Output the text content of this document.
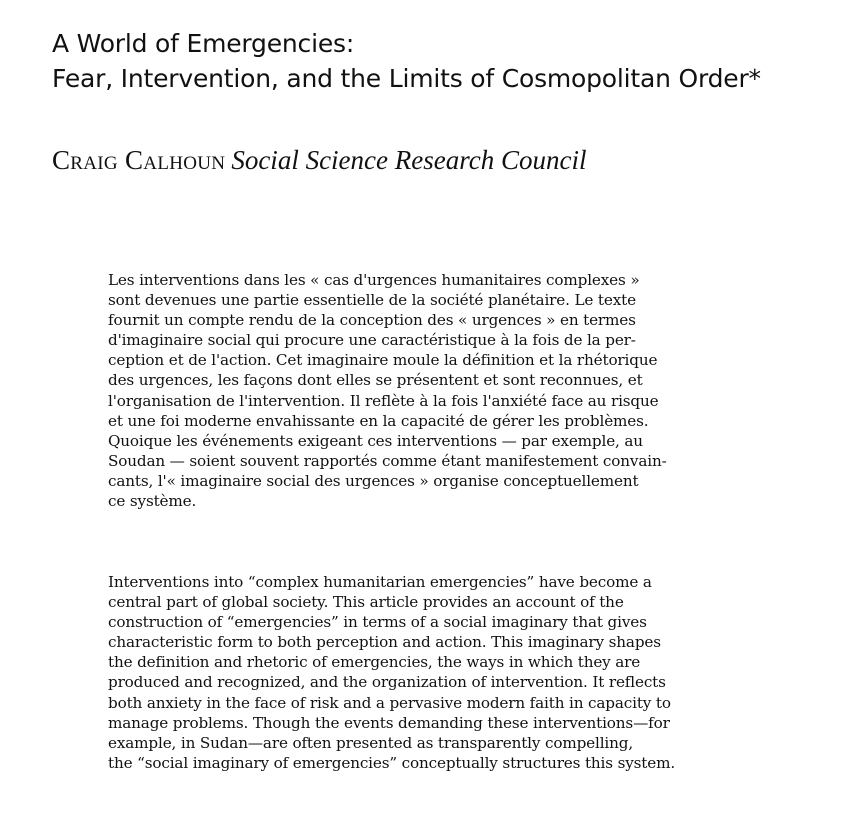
A World of Emergencies:
Fear, Intervention, and the Limits of Cosmopolitan Order*

Craig Calhoun Social Science Research Council

Les interventions dans les « cas d'urgences humanitaires complexes »
sont devenues une partie essentielle de la société planétaire. Le texte
fournit un compte rendu de la conception des « urgences » en termes
d'imaginaire social qui procure une caractéristique à la fois de la per-
ception et de l'action. Cet imaginaire moule la définition et la rhétorique
des urgences, les façons dont elles se présentent et sont reconnues, et
l'organisation de l'intervention. Il reflète à la fois l'anxiété face au risque
et une foi moderne envahissante en la capacité de gérer les problèmes.
Quoique les événements exigeant ces interventions — par exemple, au
Soudan — soient souvent rapportés comme étant manifestement convain-
cants, l'« imaginaire social des urgences » organise conceptuellement
ce système.
Interventions into “complex humanitarian emergencies” have become a
central part of global society. This article provides an account of the
construction of “emergencies” in terms of a social imaginary that gives
characteristic form to both perception and action. This imaginary shapes
the definition and rhetoric of emergencies, the ways in which they are
produced and recognized, and the organization of intervention. It reflects
both anxiety in the face of risk and a pervasive modern faith in capacity to
manage problems. Though the events demanding these interventions—for
example, in Sudan—are often presented as transparently compelling,
the “social imaginary of emergencies” conceptually structures this system.
